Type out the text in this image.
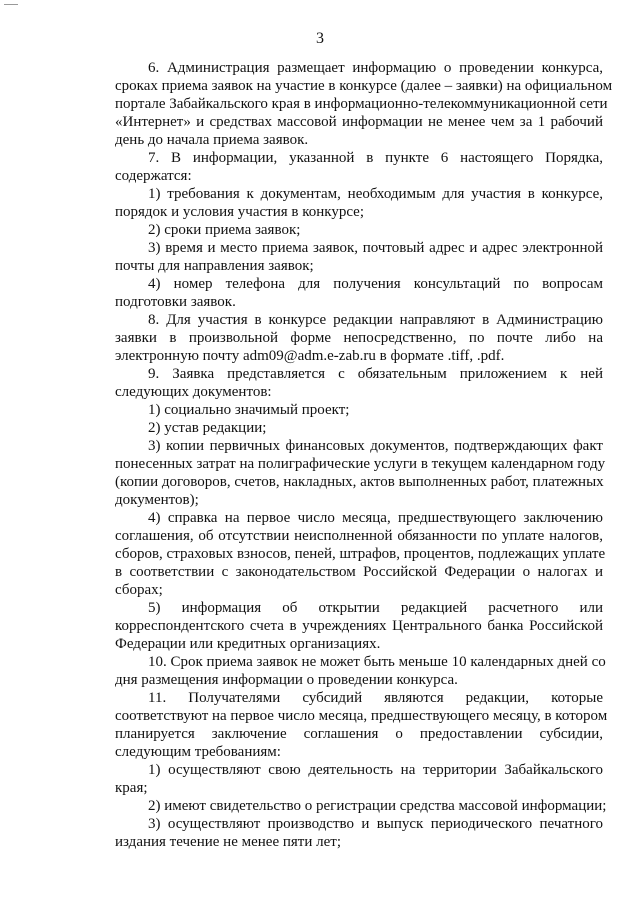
3
6. Администрация размещает информацию о проведении конкурса,
сроках приема заявок на участие в конкурсе (далее – заявки) на официальном
портале Забайкальского края в информационно-телекоммуникационной сети
«Интернет» и средствах массовой информации не менее чем за 1 рабочий
день до начала приема заявок.
7. В информации, указанной в пункте 6 настоящего Порядка,
содержатся:
1) требования к документам, необходимым для участия в конкурсе,
порядок и условия участия в конкурсе;
2) сроки приема заявок;
3) время и место приема заявок, почтовый адрес и адрес электронной
почты для направления заявок;
4) номер телефона для получения консультаций по вопросам
подготовки заявок.
8. Для участия в конкурсе редакции направляют в Администрацию
заявки в произвольной форме непосредственно, по почте либо на
электронную почту adm09@adm.e-zab.ru в формате .tiff, .pdf.
9. Заявка представляется с обязательным приложением к ней
следующих документов:
1) социально значимый проект;
2) устав редакции;
3) копии первичных финансовых документов, подтверждающих факт
понесенных затрат на полиграфические услуги в текущем календарном году
(копии договоров, счетов, накладных, актов выполненных работ, платежных
документов);
4) справка на первое число месяца, предшествующего заключению
соглашения, об отсутствии неисполненной обязанности по уплате налогов,
сборов, страховых взносов, пеней, штрафов, процентов, подлежащих уплате
в соответствии с законодательством Российской Федерации о налогах и
сборах;
5) информация об открытии редакцией расчетного или
корреспондентского счета в учреждениях Центрального банка Российской
Федерации или кредитных организациях.
10. Срок приема заявок не может быть меньше 10 календарных дней со
дня размещения информации о проведении конкурса.
11. Получателями субсидий являются редакции, которые
соответствуют на первое число месяца, предшествующего месяцу, в котором
планируется заключение соглашения о предоставлении субсидии,
следующим требованиям:
1) осуществляют свою деятельность на территории Забайкальского
края;
2) имеют свидетельство о регистрации средства массовой информации;
3) осуществляют производство и выпуск периодического печатного
издания течение не менее пяти лет;
